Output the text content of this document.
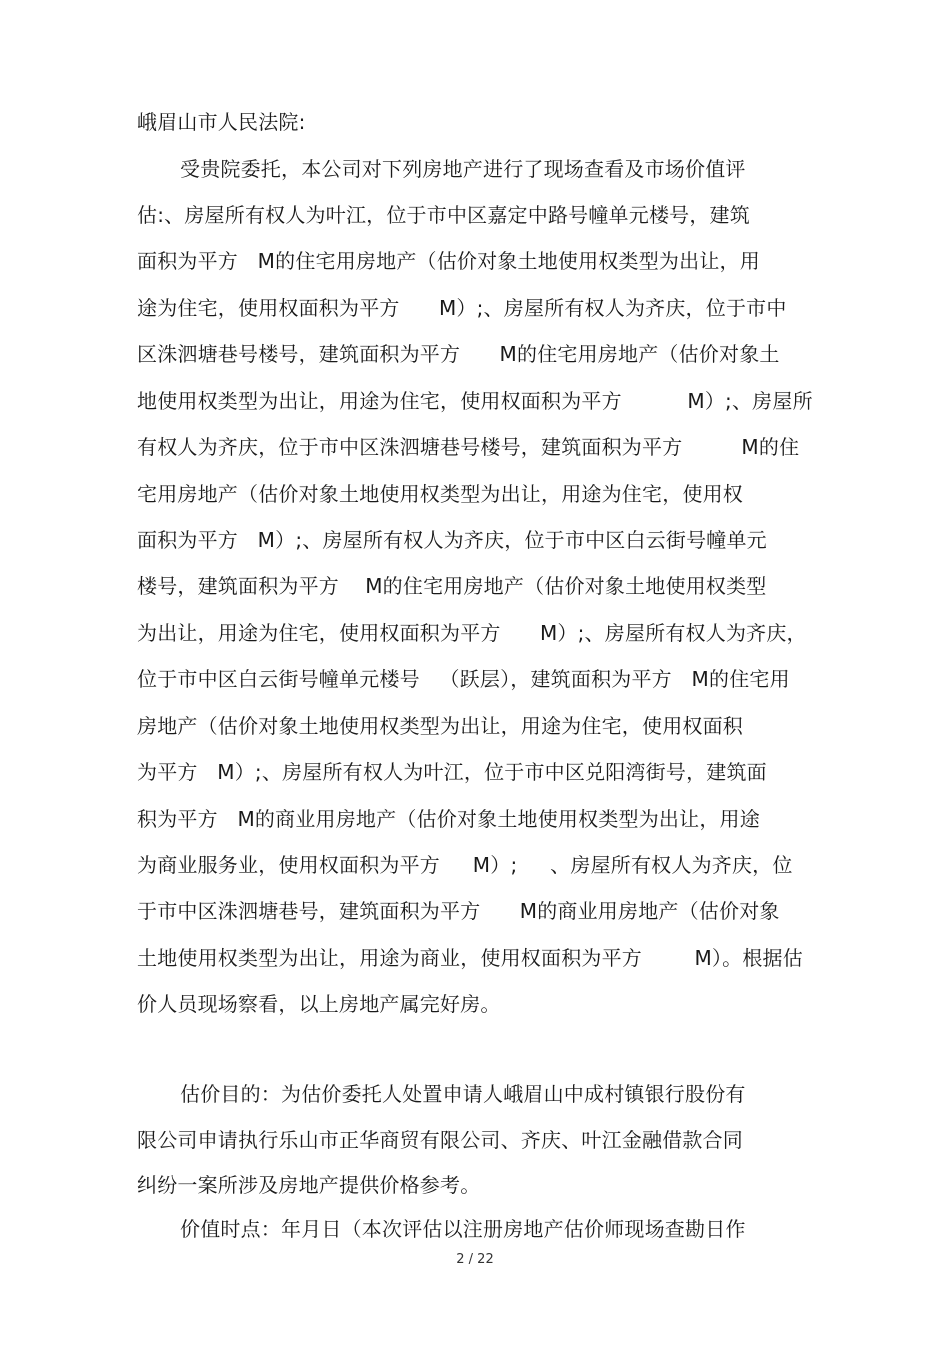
峨眉山市人民法院:
受贵院委托，本公司对下列房地产进行了现场查看及市场价值评
估:、房屋所有权人为叶江，位于市中区嘉定中路号幢单元楼号，建筑
面积为平方   M的住宅用房地产（估价对象土地使用权类型为出让，用
途为住宅，使用权面积为平方      M）;、房屋所有权人为齐庆，位于市中
区洙泗塘巷号楼号，建筑面积为平方      M的住宅用房地产（估价对象土
地使用权类型为出让，用途为住宅，使用权面积为平方          M）;、房屋所
有权人为齐庆，位于市中区洙泗塘巷号楼号，建筑面积为平方         M的住
宅用房地产（估价对象土地使用权类型为出让，用途为住宅，使用权
面积为平方   M）;、房屋所有权人为齐庆，位于市中区白云街号幢单元
楼号，建筑面积为平方    M的住宅用房地产（估价对象土地使用权类型
为出让，用途为住宅，使用权面积为平方      M）;、房屋所有权人为齐庆，
位于市中区白云街号幢单元楼号   （跃层），建筑面积为平方   M的住宅用
房地产（估价对象土地使用权类型为出让，用途为住宅，使用权面积
为平方   M）;、房屋所有权人为叶江，位于市中区兑阳湾街号，建筑面
积为平方   M的商业用房地产（估价对象土地使用权类型为出让，用途
为商业服务业，使用权面积为平方     M）;     、房屋所有权人为齐庆，位
于市中区洙泗塘巷号，建筑面积为平方      M的商业用房地产（估价对象
土地使用权类型为出让，用途为商业，使用权面积为平方        M）。根据估
价人员现场察看，以上房地产属完好房。
估价目的：为估价委托人处置申请人峨眉山中成村镇银行股份有
限公司申请执行乐山市正华商贸有限公司、齐庆、叶江金融借款合同
纠纷一案所涉及房地产提供价格参考。
价值时点：年月日（本次评估以注册房地产估价师现场查勘日作
2 / 22
